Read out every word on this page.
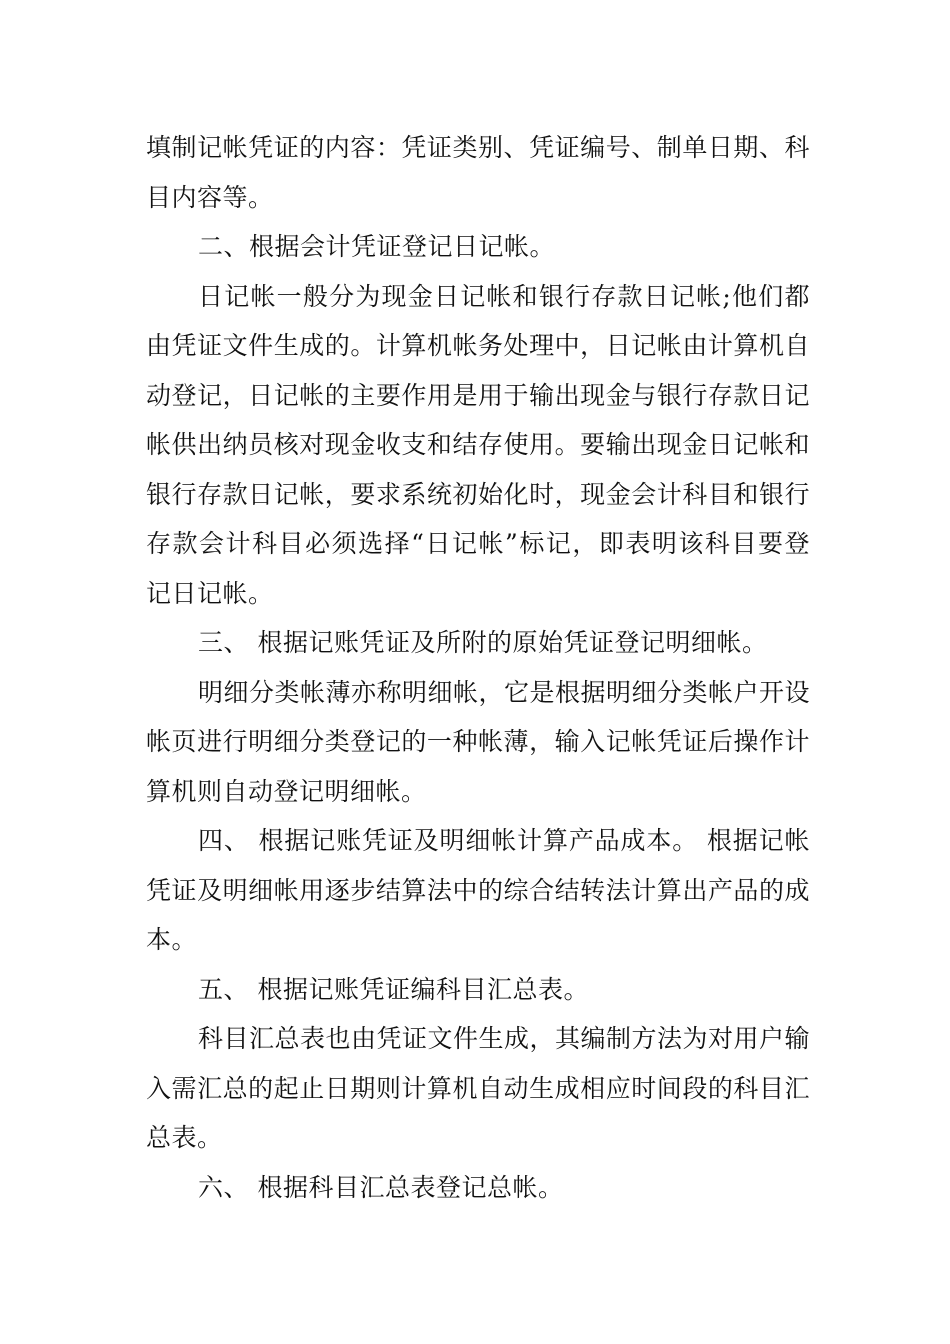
填制记帐凭证的内容：凭证类别、凭证编号、制单日期、科目内容等。

二、根据会计凭证登记日记帐。

日记帐一般分为现金日记帐和银行存款日记帐;他们都由凭证文件生成的。计算机帐务处理中，日记帐由计算机自动登记，日记帐的主要作用是用于输出现金与银行存款日记帐供出纳员核对现金收支和结存使用。要输出现金日记帐和银行存款日记帐，要求系统初始化时，现金会计科目和银行存款会计科目必须选择“日记帐”标记，即表明该科目要登记日记帐。

三、 根据记账凭证及所附的原始凭证登记明细帐。

明细分类帐薄亦称明细帐，它是根据明细分类帐户开设帐页进行明细分类登记的一种帐薄，输入记帐凭证后操作计算机则自动登记明细帐。

四、 根据记账凭证及明细帐计算产品成本。 根据记帐凭证及明细帐用逐步结算法中的综合结转法计算出产品的成本。

五、 根据记账凭证编科目汇总表。

科目汇总表也由凭证文件生成，其编制方法为对用户输入需汇总的起止日期则计算机自动生成相应时间段的科目汇总表。

六、 根据科目汇总表登记总帐。
